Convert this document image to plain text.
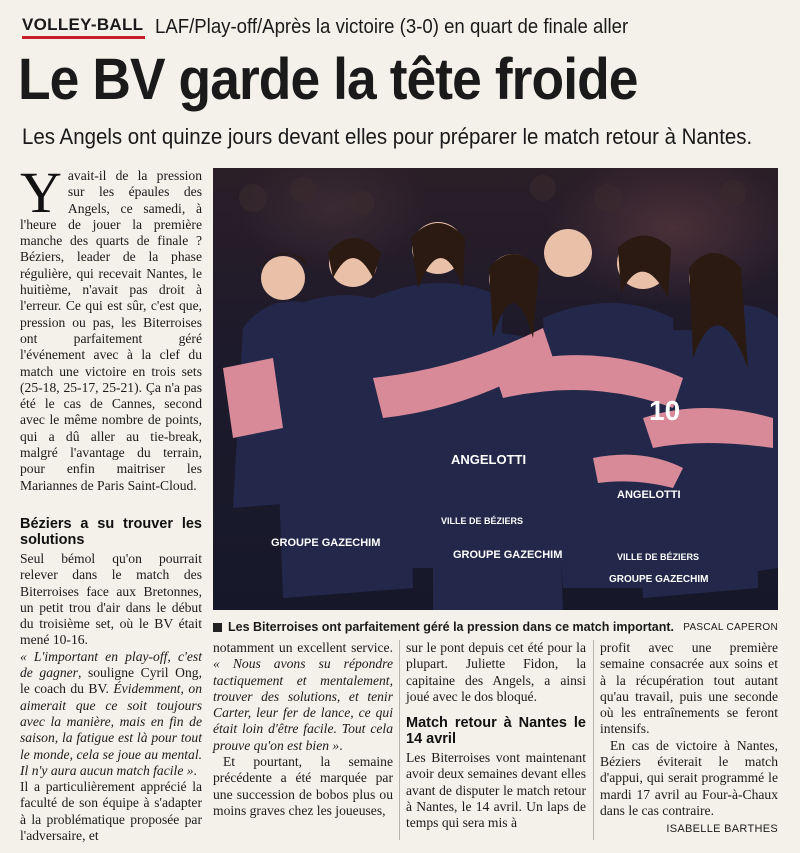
VOLLEY-BALL LAF/Play-off/Après la victoire (3-0) en quart de finale aller
Le BV garde la tête froide

Les Angels ont quinze jours devant elles pour préparer le match retour à Nantes.

Yavait-il de la pression sur les épaules des Angels, ce samedi, à l'heure de jouer la première manche des quarts de finale ? Béziers, leader de la phase régulière, qui recevait Nantes, le huitième, n'avait pas droit à l'erreur. Ce qui est sûr, c'est que, pression ou pas, les Biterroises ont parfaitement géré l'événement avec à la clef du match une victoire en trois sets (25-18, 25-17, 25-21). Ça n'a pas été le cas de Cannes, second avec le même nombre de points, qui a dû aller au tie-break, malgré l'avantage du terrain, pour enfin maitriser les Mariannes de Paris Saint-Cloud.

Béziers a su trouver les solutions

Seul bémol qu'on pourrait relever dans le match des Biterroises face aux Bretonnes, un petit trou d'air dans le début du troisième set, où le BV était mené 10-16.

« L'important en play-off, c'est de gagner, souligne Cyril Ong, le coach du BV. Évidemment, on aimerait que ce soit toujours avec la manière, mais en fin de saison, la fatigue est là pour tout le monde, cela se joue au mental. Il n'y aura aucun match facile ».

Il a particulièrement apprécié la faculté de son équipe à s'adapter à la problématique proposée par l'adversaire, et

ANGELOTTI
GROUPE GAZECHIM
VILLE DE BÉZIERS
GROUPE GAZECHIM	VILLE DE BÉZIERS
ANGELOTTI
GROUPE GAZECHIM
10
Les Biterroises ont parfaitement géré la pression dans ce match important. PASCAL CAPERON

notamment un excellent service. « Nous avons su répondre tactiquement et mentalement, trouver des solutions, et tenir Carter, leur fer de lance, ce qui était loin d'être facile. Tout cela prouve qu'on est bien ».

Et pourtant, la semaine précédente a été marquée par une succession de bobos plus ou moins graves chez les joueuses,

sur le pont depuis cet été pour la plupart. Juliette Fidon, la capitaine des Angels, a ainsi joué avec le dos bloqué.

Match retour à Nantes le 14 avril

Les Biterroises vont maintenant avoir deux semaines devant elles avant de disputer le match retour à Nantes, le 14 avril. Un laps de temps qui sera mis à

profit avec une première semaine consacrée aux soins et à la récupération tout autant qu'au travail, puis une seconde où les entraînements se feront intensifs.

En cas de victoire à Nantes, Béziers éviterait le match d'appui, qui serait programmé le mardi 17 avril au Four-à-Chaux dans le cas contraire.

ISABELLE BARTHES
